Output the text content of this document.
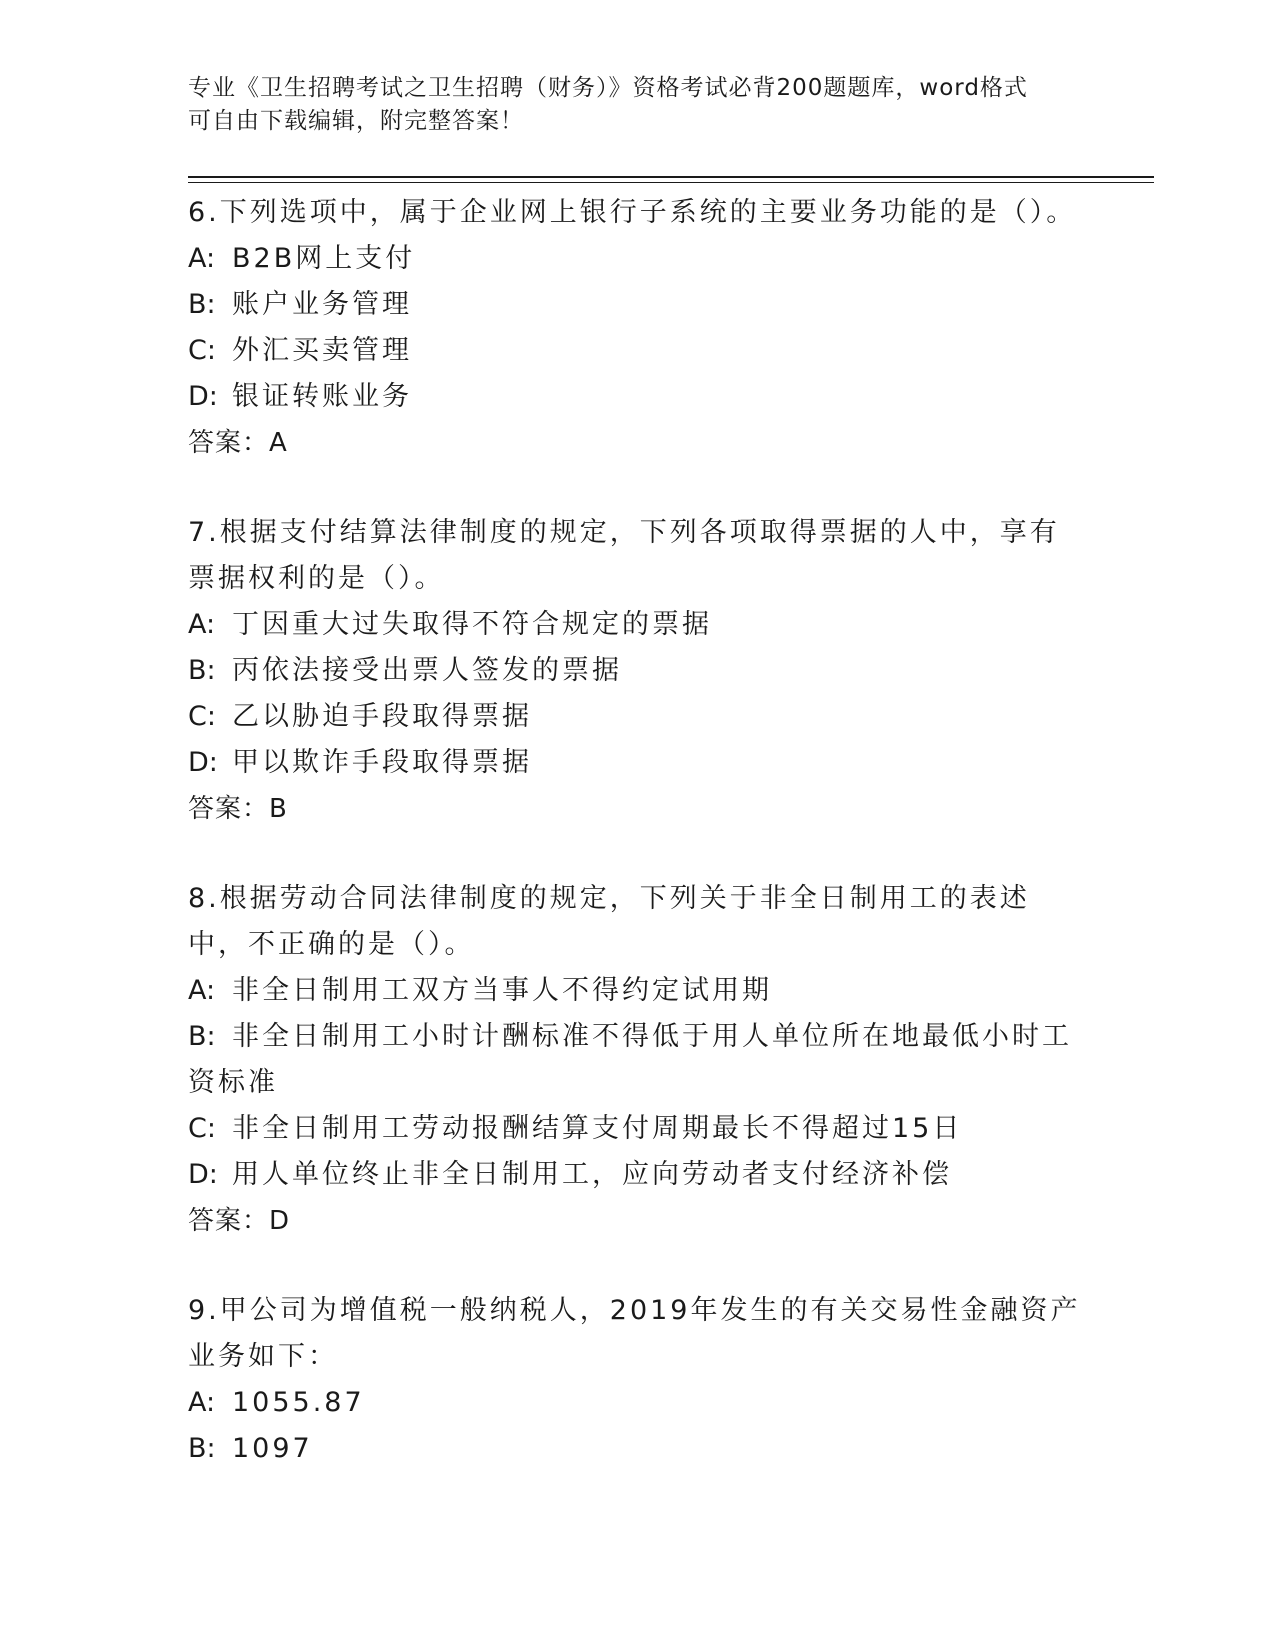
专业《卫生招聘考试之卫生招聘（财务）》资格考试必背200题题库，word格式
可自由下载编辑，附完整答案！

6.下列选项中，属于企业网上银行子系统的主要业务功能的是（）。

A: B2B网上支付

B: 账户业务管理

C: 外汇买卖管理

D: 银证转账业务

答案：A

7.根据支付结算法律制度的规定，下列各项取得票据的人中，享有票据权利的是（）。

A: 丁因重大过失取得不符合规定的票据

B: 丙依法接受出票人签发的票据

C: 乙以胁迫手段取得票据

D: 甲以欺诈手段取得票据

答案：B

8.根据劳动合同法律制度的规定，下列关于非全日制用工的表述中，不正确的是（）。

A: 非全日制用工双方当事人不得约定试用期

B: 非全日制用工小时计酬标准不得低于用人单位所在地最低小时工资标准

C: 非全日制用工劳动报酬结算支付周期最长不得超过15日

D: 用人单位终止非全日制用工，应向劳动者支付经济补偿

答案：D

9.甲公司为增值税一般纳税人，2019年发生的有关交易性金融资产业务如下：

A: 1055.87

B: 1097
